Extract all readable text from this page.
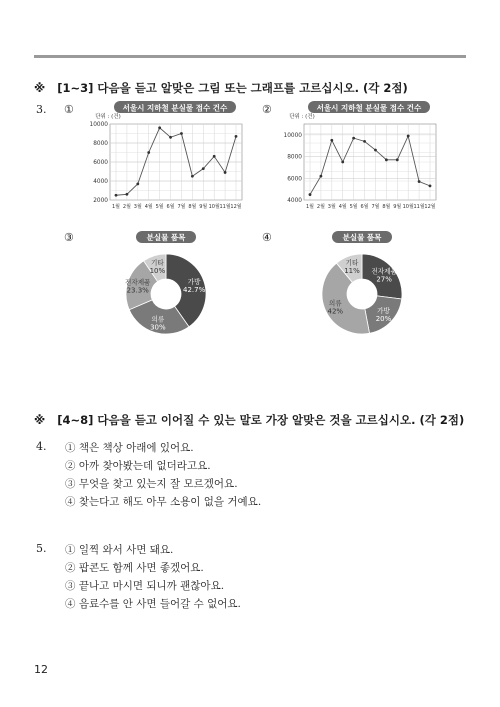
※ [1~3] 다음을 듣고 알맞은 그림 또는 그래프를 고르십시오. (각 2점)
3. ①	②
③	④
서울시 지하철 분실물 접수 건수
단위 : (건)
2000
4000
6000
8000
10000
1월 2월 3월 4월 5월 6월 7월 8월 9월 10월 11월 12월
서울시 지하철 분실물 접수 건수
단위 : (건)
4000
6000
8000
10000
1월 2월 3월 4월 5월 6월 7월 8월 9월 10월 11월 12월
분실물 품목
가방
42.7%
의류
30%
전자제품
23.3%
기타
10%
분실물 품목
전자제품
27%
가방
20%
의류
42%
기타
11%
※ [4~8] 다음을 듣고 이어질 수 있는 말로 가장 알맞은 것을 고르십시오. (각 2점)
4. ① 책은 책상 아래에 있어요.
② 아까 찾아봤는데 없더라고요.
③ 무엇을 찾고 있는지 잘 모르겠어요.
④ 찾는다고 해도 아무 소용이 없을 거예요.
5. ① 일찍 와서 사면 돼요.
② 팝콘도 함께 사면 좋겠어요.
③ 끝나고 마시면 되니까 괜찮아요.
④ 음료수를 안 사면 들어갈 수 없어요.
12
